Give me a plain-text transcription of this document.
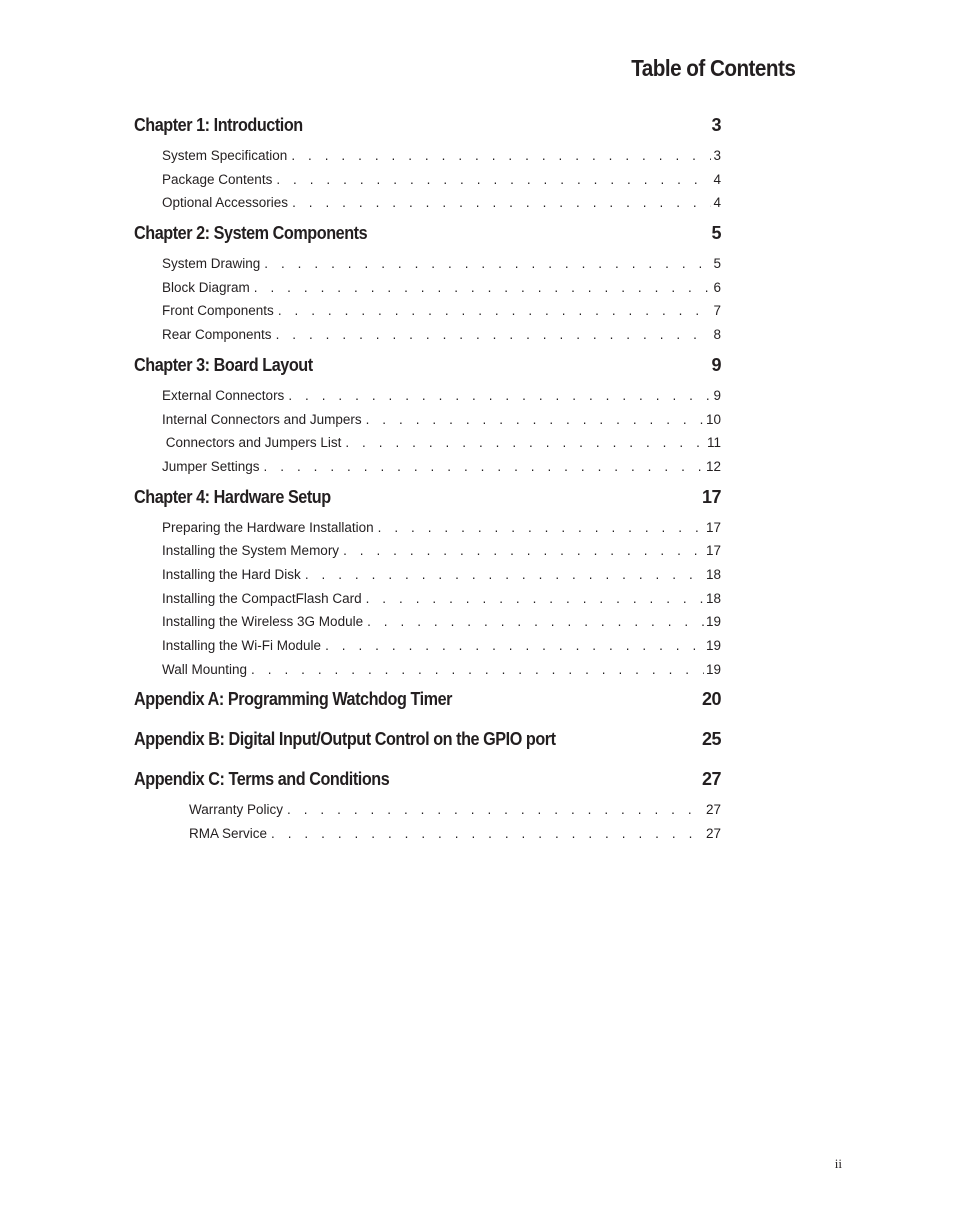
Table of Contents
Chapter 1: Introduction	3
System Specification . . .	3
Package Contents . . .	4
Optional Accessories . . .	4
Chapter 2: System Components	5
System Drawing . . .	5
Block Diagram . . .	6
Front Components . . .	7
Rear Components . . .	8
Chapter 3: Board Layout	9
External Connectors . . .	9
Internal Connectors and Jumpers . . .	10
Connectors and Jumpers List . . .	11
Jumper Settings . . .	12
Chapter 4: Hardware Setup	17
Preparing the Hardware Installation . . .	17
Installing the System Memory . . .	17
Installing the Hard Disk . . .	18
Installing the CompactFlash Card . . .	18
Installing the Wireless 3G Module . . .	19
Installing the Wi-Fi Module . . .	19
Wall Mounting . . .	19
Appendix A: Programming Watchdog Timer	20
Appendix B: Digital Input/Output Control on the GPIO port	25
Appendix C: Terms and Conditions	27
Warranty Policy . . .	27
RMA Service . . .	27
ii
